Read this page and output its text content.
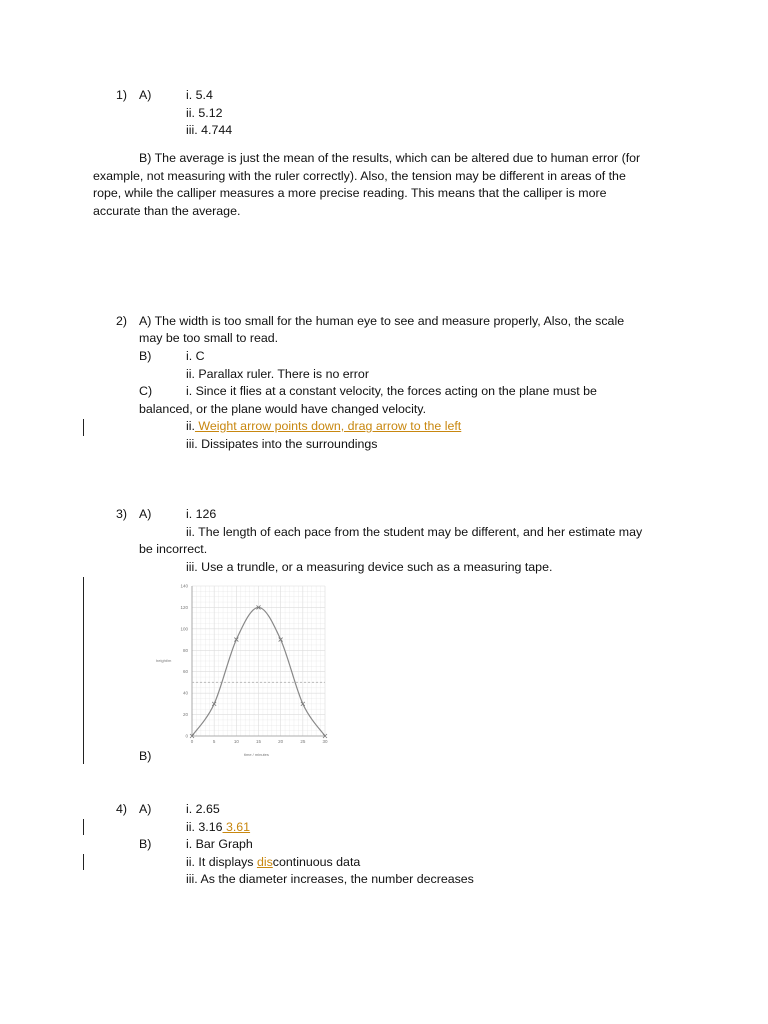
1) A)	i. 5.4
ii. 5.12
iii. 4.744
B) The average is just the mean of the results, which can be altered due to human error (for
example, not measuring with the ruler correctly). Also, the tension may be different in areas of the
rope, while the calliper measures a more precise reading. This means that the calliper is more
accurate than the average.
2) A) The width is too small for the human eye to see and measure properly, Also, the scale
may be too small to read.
B)	i. C
ii. Parallax ruler. There is no error
C)	i. Since it flies at a constant velocity, the forces acting on the plane must be
balanced, or the plane would have changed velocity.
ii. Weight arrow points down, drag arrow to the left
iii. Dissipates into the surroundings
3) A)	i. 126
ii. The length of each pace from the student may be different, and her estimate may
be incorrect.
iii. Use a trundle, or a measuring device such as a measuring tape.
0	5	10	15	20	25	30
0
20
40
60
80
100
120
140
height/m
time / minutes
B)
4) A)	i. 2.65
ii. 3.16 3.61
B)	i. Bar Graph
ii. It displays discontinuous data
iii. As the diameter increases, the number decreases
